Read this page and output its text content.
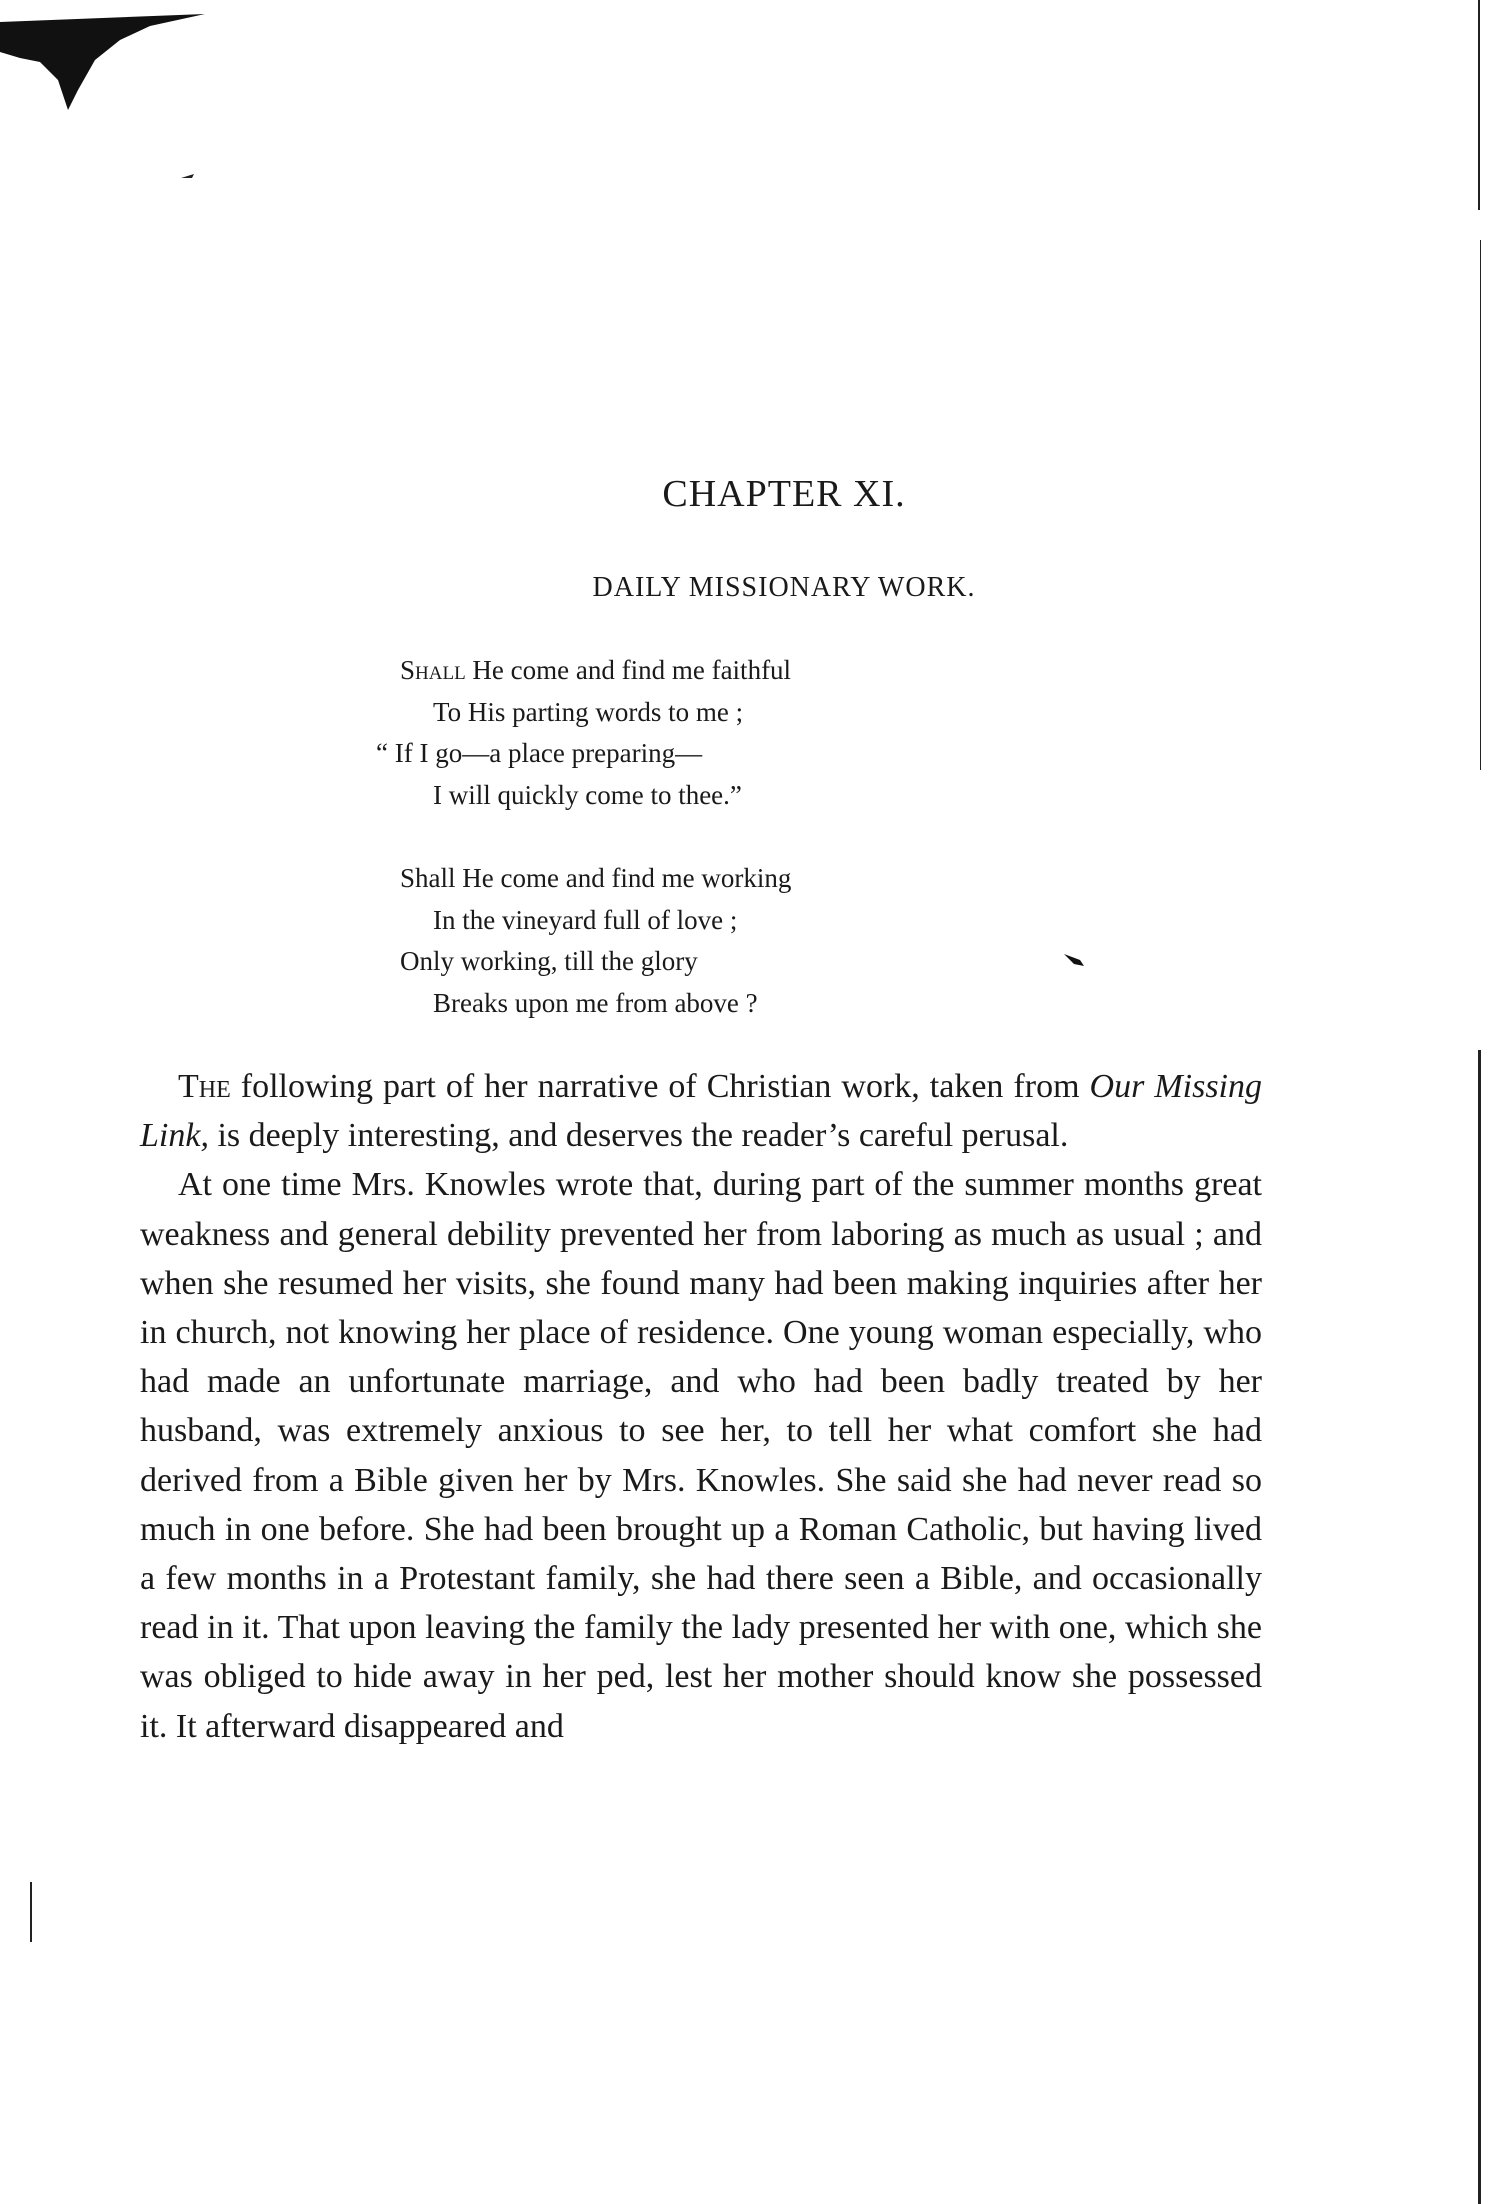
CHAPTER XI.
DAILY MISSIONARY WORK.
Shall He come and find me faithful
To His parting words to me ;
“ If I go—a place preparing—
I will quickly come to thee.”
Shall He come and find me working
In the vineyard full of love ;
Only working, till the glory
Breaks upon me from above ?

The following part of her narrative of Christian work, taken from Our Missing Link, is deeply interesting, and deserves the reader’s careful perusal.

At one time Mrs. Knowles wrote that, during part of the summer months great weakness and general debility prevented her from laboring as much as usual ; and when she resumed her visits, she found many had been making inquiries after her in church, not knowing her place of residence. One young woman especially, who had made an unfortunate marriage, and who had been badly treated by her husband, was extremely anxious to see her, to tell her what comfort she had derived from a Bible given her by Mrs. Knowles. She said she had never read so much in one before. She had been brought up a Roman Catholic, but having lived a few months in a Protestant family, she had there seen a Bible, and occasionally read in it. That upon leaving the family the lady presented her with one, which she was obliged to hide away in her ped, lest her mother should know she possessed it. It afterward disappeared and
